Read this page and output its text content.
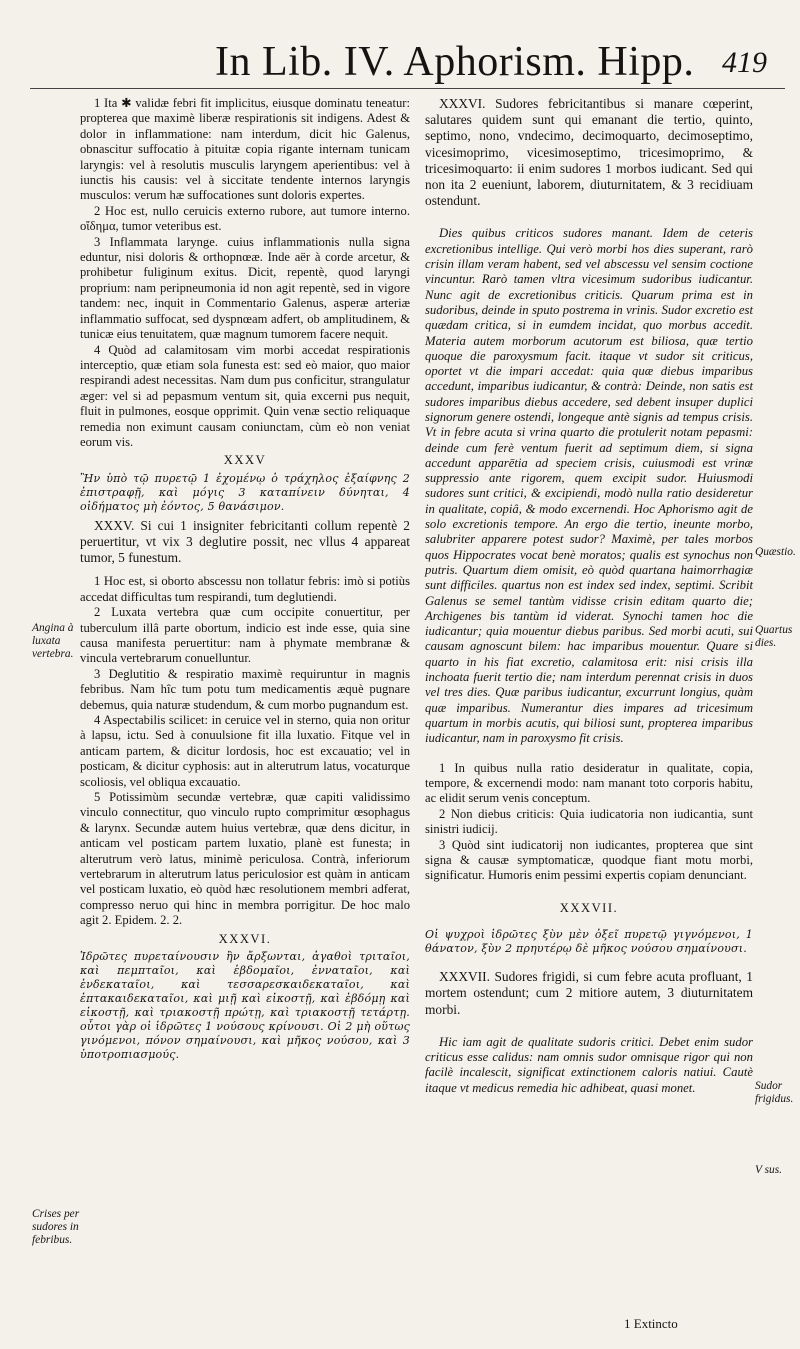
In Lib. IV. Aphorism. Hipp. 419

1 Ita ✱ validæ febri fit implicitus, eiusque dominatu teneatur: propterea que maximè liberæ respirationis sit indigens. Adest & dolor in inflammatione: nam interdum, dicit hic Galenus, obnascitur suffocatio à pituitæ copia rigante internam tunicam laryngis: vel à resolutis musculis laryngem aperientibus: vel à iunctis his causis: vel à siccitate tendente internos laryngis musculos: verum hæ suffocationes sunt doloris expertes.

2 Hoc est, nullo ceruicis externo rubore, aut tumore interno. οἴδημα, tumor veteribus est.

3 Inflammata larynge. cuius inflammationis nulla signa eduntur, nisi doloris & orthopnœæ. Inde aër à corde arcetur, & prohibetur fuliginum exitus. Dicit, repentè, quod laryngi proprium: nam peripneumonia id non agit repentè, sed in vigore tandem: nec, inquit in Commentario Galenus, asperæ arteriæ inflammatio suffocat, sed dyspnœam adfert, ob amplitudinem, & tunicæ eius tenuitatem, quæ magnum tumorem facere nequit.

4 Quòd ad calamitosam vim morbi accedat respirationis interceptio, quæ etiam sola funesta est: sed eò maior, quo maior respirandi adest necessitas. Nam dum pus conficitur, strangulatur æger: vel si ad pepasmum ventum sit, quia excerni pus nequit, fluit in pulmones, eosque opprimit. Quin venæ sectio reliquaque remedia non eximunt causam coniunctam, cùm eò non veniat eorum vis.

XXXV

Ἢν ὑπὸ τῷ πυρετῷ 1 ἐχομένῳ ὁ τράχηλος ἐξαίφνης 2 ἐπιστραφῇ, καὶ μόγις 3 καταπίνειν δύνηται, 4 οἰδήματος μὴ ἐόντος, 5 θανάσιμον.

XXXV. Si cui 1 insigniter febricitanti collum repentè 2 peruertitur, vt vix 3 deglutire possit, nec vllus 4 appareat tumor, 5 funestum.

1 Hoc est, si oborto abscessu non tollatur febris: imò si potiùs accedat difficultas tum respirandi, tum deglutiendi.

2 Luxata vertebra quæ cum occipite conuertitur, per tuberculum illâ parte obortum, indicio est inde esse, quia sine causa manifesta peruertitur: nam à phymate membranæ & vincula vertebrarum conuelluntur.

3 Deglutitio & respiratio maximè requiruntur in magnis febribus. Nam hîc tum potu tum medicamentis æquè pugnare debemus, quia naturæ studendum, & cum morbo pugnandum est.

4 Aspectabilis scilicet: in ceruice vel in sterno, quia non oritur à lapsu, ictu. Sed à conuulsione fit illa luxatio. Fitque vel in anticam partem, & dicitur lordosis, hoc est excauatio; vel in posticam, & dicitur cyphosis: aut in alterutrum latus, vocaturque scoliosis, vel obliqua excauatio.

5 Potissimùm secundæ vertebræ, quæ capiti validissimo vinculo connectitur, quo vinculo rupto comprimitur œsophagus & larynx. Secundæ autem huius vertebræ, quæ dens dicitur, in anticam vel posticam partem luxatio, planè est funesta; in alterutrum verò latus, minimè periculosa. Contrà, inferiorum vertebrarum in alterutrum latus periculosior est quàm in anticam vel posticam luxatio, eò quòd hæc resolutionem membri adferat, compresso neruo qui hinc in membra porrigitur. De hoc malo agit 2. Epidem. 2. 2.

XXXVI.

Ἱδρῶτες πυρεταίνουσιν ἢν ἄρξωνται, ἀγαθοὶ τριταῖοι, καὶ πεμπταῖοι, καὶ ἑβδομαῖοι, ἐνναταῖοι, καὶ ἑνδεκαταῖοι, καὶ τεσσαρεσκαιδεκαταῖοι, καὶ ἑπτακαιδεκαταῖοι, καὶ μιῇ καὶ εἰκοστῇ, καὶ ἑβδόμῃ καὶ εἰκοστῇ, καὶ τριακοστῇ πρώτῃ, καὶ τριακοστῇ τετάρτῃ. οὗτοι γὰρ οἱ ἱδρῶτες 1 νούσους κρίνουσι. Οἱ 2 μὴ οὕτως γινόμενοι, πόνον σημαίνουσι, καὶ μῆκος νούσου, καὶ 3 ὑποτροπιασμούς.

XXXVI. Sudores febricitantibus si manare cœperint, salutares quidem sunt qui emanant die tertio, quinto, septimo, nono, vndecimo, decimoquarto, decimoseptimo, vicesimoprimo, vicesimoseptimo, tricesimoprimo, & tricesimoquarto: ii enim sudores 1 morbos iudicant. Sed qui non ita 2 eueniunt, laborem, diuturnitatem, & 3 recidiuam ostendunt.

Dies quibus criticos sudores manant. Idem de ceteris excretionibus intellige. Qui verò morbi hos dies superant, rarò crisin illam veram habent, sed vel abscessu vel sensim coctione vincuntur. Rarò tamen vltra vicesimum sudoribus iudicantur. Nunc agit de excretionibus criticis. Quarum prima est in sudoribus, deinde in sputo postrema in vrinis. Sudor excretio est quædam critica, si in eumdem incidat, quo morbus accedit. Materia autem morborum acutorum est biliosa, quæ tertio quoque die paroxysmum facit. itaque vt sudor sit criticus, oportet vt die impari accedat: quia quæ diebus imparibus accedunt, imparibus iudicantur, & contrà: Deinde, non satis est sudores imparibus diebus accedere, sed debent insuper duplici signorum genere ostendi, longeque antè signis ad tempus crisis. Vt in febre acuta si vrina quarto die protulerit notam pepasmi: deinde cum ferè ventum fuerit ad septimum diem, si signa accedunt apparētia ad speciem crisis, cuiusmodi est vrinæ suppressio ante rigorem, quem excipit sudor. Huiusmodi sudores sunt critici, & excipiendi, modò nulla ratio desideretur in qualitate, copiâ, & modo excernendi. Hoc Aphorismo agit de solo excretionis tempore. An ergo die tertio, ineunte morbo, salubriter apparere potest sudor? Maximè, per tales morbos quos Hippocrates vocat benè moratos; qualis est synochus non putris. Quartum diem omisit, eò quòd quartana haimorrhagiæ sunt difficiles. quartus non est index sed index, septimi. Scribit Galenus se semel tantùm vidisse crisin editam quarto die; Archigenes bis tantùm id viderat. Synochi tamen hoc die iudicantur; quia mouentur diebus paribus. Sed morbi acuti, sui causam agnoscunt bilem: hac imparibus mouentur. Quare si quarto in his fiat excretio, calamitosa erit: nisi crisis illa inchoata fuerit tertio die; nam interdum perennat crisis in duos vel tres dies. Quæ paribus iudicantur, excurrunt longius, quàm quæ imparibus. Numerantur dies impares ad tricesimum quartum in morbis acutis, qui biliosi sunt, propterea imparibus iudicantur, nam in paroxysmo fit crisis.

1 In quibus nulla ratio desideratur in qualitate, copia, tempore, & excernendi modo: nam manant toto corporis habitu, ac elidit serum venis conceptum.

2 Non diebus criticis: Quia iudicatoria non iudicantia, sunt sinistri iudicij.

3 Quòd sint iudicatorij non iudicantes, propterea que sint signa & causæ symptomaticæ, quodque fiant motu morbi, significatur. Humoris enim pessimi expertis copiam denunciant.

XXXVII.

Οἱ ψυχροὶ ἱδρῶτες ξὺν μὲν ὀξεῖ πυρετῷ γιγνόμενοι, 1 θάνατον, ξὺν 2 πρηυτέρῳ δὲ μῆκος νούσου σημαίνουσι.

XXXVII. Sudores frigidi, si cum febre acuta profluant, 1 mortem ostendunt; cum 2 mitiore autem, 3 diuturnitatem morbi.

Hic iam agit de qualitate sudoris critici. Debet enim sudor criticus esse calidus: nam omnis sudor omnisque rigor qui non facilè incalescit, significat extinctionem caloris natiui. Cautè itaque vt medicus remedia hic adhibeat, quasi monet.

Angina à luxata vertebra.
Crises per sudores in febribus.
Quæstio.
Quartus dies.
Sudor frigidus.
V sus.
1 Extincto
